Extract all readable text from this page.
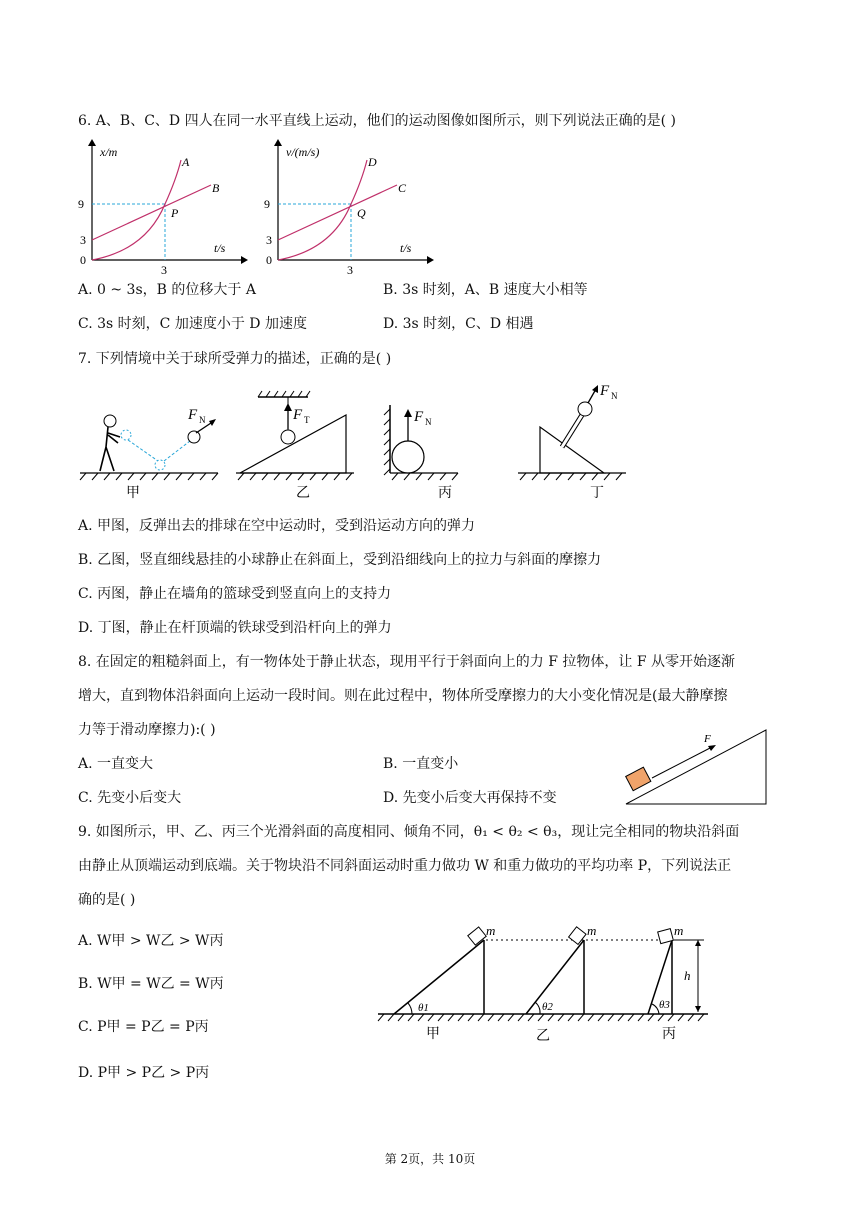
6. A、B、C、D 四人在同一水平直线上运动，他们的运动图像如图所示，则下列说法正确的是( )
x/m
t/s
A
B
P
9
3
3
0
v/(m/s)
t/s
D
C
Q
9
3
3
0
A. 0 ~ 3s，B 的位移大于 A	B. 3s 时刻，A、B 速度大小相等
C. 3s 时刻，C 加速度小于 D 加速度	D. 3s 时刻，C、D 相遇
7. 下列情境中关于球所受弹力的描述，正确的是( )
F N
甲
F T
乙
F N
丙
F N
丁
A. 甲图，反弹出去的排球在空中运动时，受到沿运动方向的弹力
B. 乙图，竖直细线悬挂的小球静止在斜面上，受到沿细线向上的拉力与斜面的摩擦力
C. 丙图，静止在墙角的篮球受到竖直向上的支持力
D. 丁图，静止在杆顶端的铁球受到沿杆向上的弹力
8. 在固定的粗糙斜面上，有一物体处于静止状态，现用平行于斜面向上的力 F 拉物体，让 F 从零开始逐渐
增大，直到物体沿斜面向上运动一段时间。则在此过程中，物体所受摩擦力的大小变化情况是(最大静摩擦
力等于滑动摩擦力):( )
A. 一直变大	B. 一直变小
C. 先变小后变大	D. 先变小后变大再保持不变
F
9. 如图所示，甲、乙、丙三个光滑斜面的高度相同、倾角不同，θ₁ < θ₂ < θ₃，现让完全相同的物块沿斜面
由静止从顶端运动到底端。关于物块沿不同斜面运动时重力做功 W 和重力做功的平均功率 P，下列说法正
确的是( )
A. W甲 > W乙 > W丙
B. W甲 = W乙 = W丙
C. P甲 = P乙 = P丙
D. P甲 > P乙 > P丙
m
θ1
甲
m
θ2
乙
m
θ3
丙
h
第 2页，共 10页
